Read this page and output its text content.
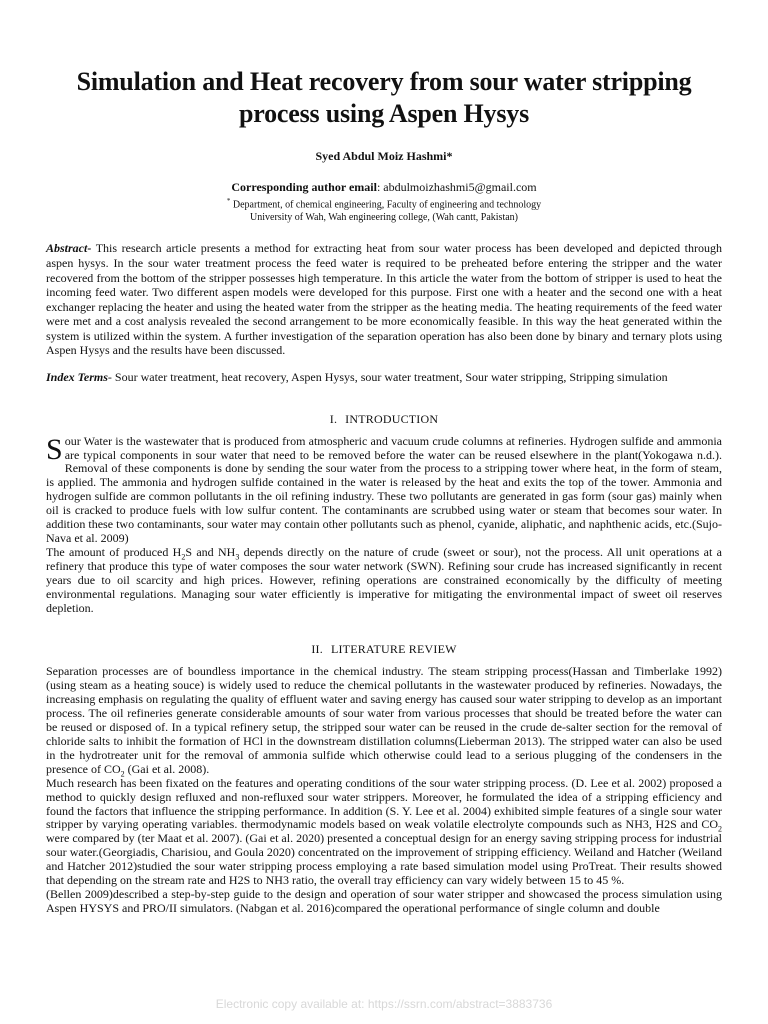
Simulation and Heat recovery from sour water stripping process using Aspen Hysys
Syed Abdul Moiz Hashmi*
Corresponding author email: abdulmoizhashmi5@gmail.com
* Department, of chemical engineering, Faculty of engineering and technology
University of Wah, Wah engineering college, (Wah cantt, Pakistan)
Abstract- This research article presents a method for extracting heat from sour water process has been developed and depicted through aspen hysys. In the sour water treatment process the feed water is required to be preheated before entering the stripper and the water recovered from the bottom of the stripper possesses high temperature. In this article the water from the bottom of stripper is used to heat the incoming feed water. Two different aspen models were developed for this purpose. First one with a heater and the second one with a heat exchanger replacing the heater and using the heated water from the stripper as the heating media. The heating requirements of the feed water were met and a cost analysis revealed the second arrangement to be more economically feasible. In this way the heat generated within the system is utilized within the system. A further investigation of the separation operation has also been done by binary and ternary plots using Aspen Hysys and the results have been discussed.
Index Terms- Sour water treatment, heat recovery, Aspen Hysys, sour water treatment, Sour water stripping, Stripping simulation
I. INTRODUCTION

Sour Water is the wastewater that is produced from atmospheric and vacuum crude columns at refineries. Hydrogen sulfide and ammonia are typical components in sour water that need to be removed before the water can be reused elsewhere in the plant(Yokogawa n.d.). Removal of these components is done by sending the sour water from the process to a stripping tower where heat, in the form of steam, is applied. The ammonia and hydrogen sulfide contained in the water is released by the heat and exits the top of the tower. Ammonia and hydrogen sulfide are common pollutants in the oil refining industry. These two pollutants are generated in gas form (sour gas) mainly when oil is cracked to produce fuels with low sulfur content. The contaminants are scrubbed using water or steam that becomes sour water. In addition these two contaminants, sour water may contain other pollutants such as phenol, cyanide, aliphatic, and naphthenic acids, etc.(Sujo-Nava et al. 2009)

The amount of produced $H_2S$ and $NH_3$ depends directly on the nature of crude (sweet or sour), not the process. All unit operations at a refinery that produce this type of water composes the sour water network (SWN). Refining sour crude has increased significantly in recent years due to oil scarcity and high prices. However, refining operations are constrained economically by the difficulty of meeting environmental regulations. Managing sour water efficiently is imperative for mitigating the environmental impact of sweet oil reserves depletion.

II. LITERATURE REVIEW

Separation processes are of boundless importance in the chemical industry. The steam stripping process(Hassan and Timberlake 1992) (using steam as a heating souce) is widely used to reduce the chemical pollutants in the wastewater produced by refineries. Nowadays, the increasing emphasis on regulating the quality of effluent water and saving energy has caused sour water stripping to develop as an important process. The oil refineries generate considerable amounts of sour water from various processes that should be treated before the water can be reused or disposed of. In a typical refinery setup, the stripped sour water can be reused in the crude de-salter section for the removal of chloride salts to inhibit the formation of HCl in the downstream distillation columns(Lieberman 2013). The stripped water can also be used in the hydrotreater unit for the removal of ammonia sulfide which otherwise could lead to a serious plugging of the condensers in the presence of $CO_2$ (Gai et al. 2008).

Much research has been fixated on the features and operating conditions of the sour water stripping process. (D. Lee et al. 2002) proposed a method to quickly design refluxed and non-refluxed sour water strippers. Moreover, he formulated the idea of a stripping efficiency and found the factors that influence the stripping performance. In addition (S. Y. Lee et al. 2004) exhibited simple features of a single sour water stripper by varying operating variables. thermodynamic models based on weak volatile electrolyte compounds such as NH3, H2S and $CO_2$ were compared by (ter Maat et al. 2007). (Gai et al. 2020) presented a conceptual design for an energy saving stripping process for industrial sour water.(Georgiadis, Charisiou, and Goula 2020) concentrated on the improvement of stripping efficiency. Weiland and Hatcher (Weiland and Hatcher 2012)studied the sour water stripping process employing a rate based simulation model using ProTreat. Their results showed that depending on the stream rate and H2S to NH3 ratio, the overall tray efficiency can vary widely between 15 to 45 %.

(Bellen 2009)described a step-by-step guide to the design and operation of sour water stripper and showcased the process simulation using Aspen HYSYS and PRO/II simulators. (Nabgan et al. 2016)compared the operational performance of single column and double

Electronic copy available at: https://ssrn.com/abstract=3883736
